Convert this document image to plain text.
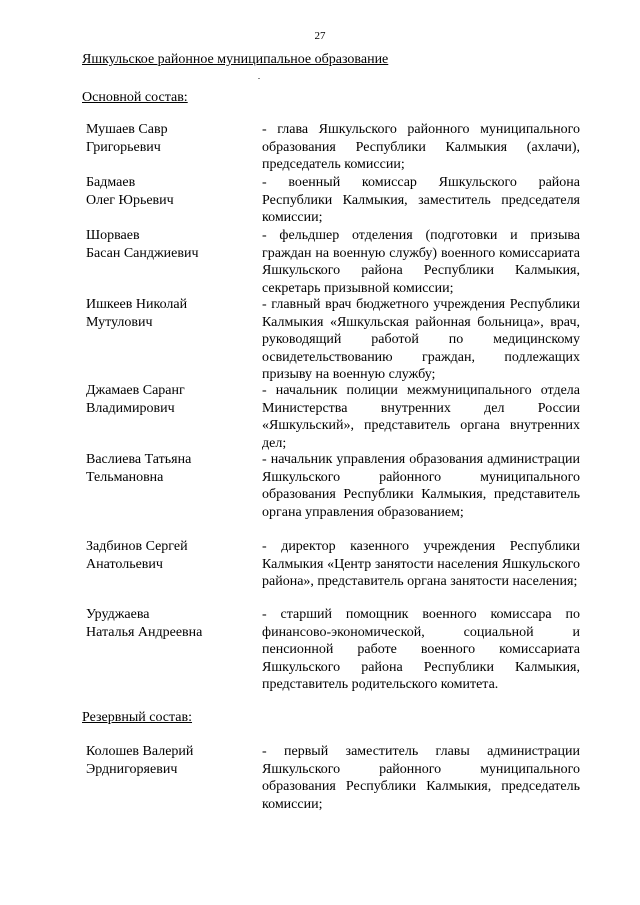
27
Яшкульское районное муниципальное образование
Основной состав:
Мушаев Савр
Григорьевич
- глава Яшкульского районного муниципального образования Республики Калмыкия (ахлачи), председатель комиссии;
Бадмаев
Олег Юрьевич
- военный комиссар Яшкульского района Республики Калмыкия, заместитель председателя комиссии;
Шорваев
Басан Санджиевич
- фельдшер отделения (подготовки и призыва граждан на военную службу) военного комиссариата Яшкульского района Республики Калмыкия, секретарь призывной комиссии;
Ишкеев Николай
Мутулович
- главный врач бюджетного учреждения Республики Калмыкия «Яшкульская районная больница», врач, руководящий работой по медицинскому освидетельствованию граждан, подлежащих призыву на военную службу;
Джамаев Саранг
Владимирович
- начальник полиции межмуниципального отдела Министерства внутренних дел России «Яшкульский», представитель органа внутренних дел;
Васлиева Татьяна
Тельмановна
- начальник управления образования администрации Яшкульского районного муниципального образования Республики Калмыкия, представитель органа управления образованием;
Задбинов Сергей
Анатольевич
- директор казенного учреждения Республики Калмыкия «Центр занятости населения Яшкульского района», представитель органа занятости населения;
Уруджаева
Наталья Андреевна
- старший помощник военного комиссара по финансово-экономической, социальной и пенсионной работе военного комиссариата Яшкульского района Республики Калмыкия, представитель родительского комитета.
Резервный состав:
Колошев Валерий
Эрднигоряевич
- первый заместитель главы администрации Яшкульского районного муниципального образования Республики Калмыкия, председатель комиссии;
